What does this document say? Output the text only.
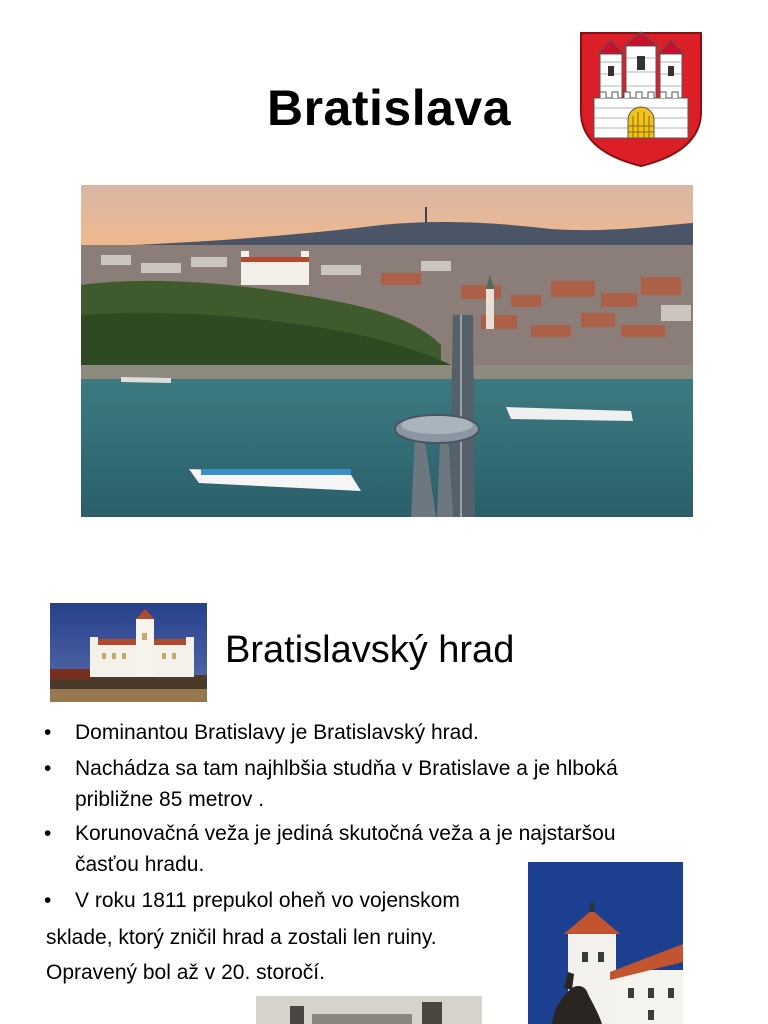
Bratislava
Bratislavský hrad
• Dominantou Bratislavy je Bratislavský hrad.
• Nachádza sa tam najhlbšia studňa v Bratislave a je hlboká približne 85 metrov .
• Korunovačná veža je jediná skutočná veža a je najstaršou časťou hradu.
• V roku 1811 prepukol oheň vo vojenskom
sklade, ktorý zničil hrad a zostali len ruiny.
Opravený bol až v 20. storočí.
